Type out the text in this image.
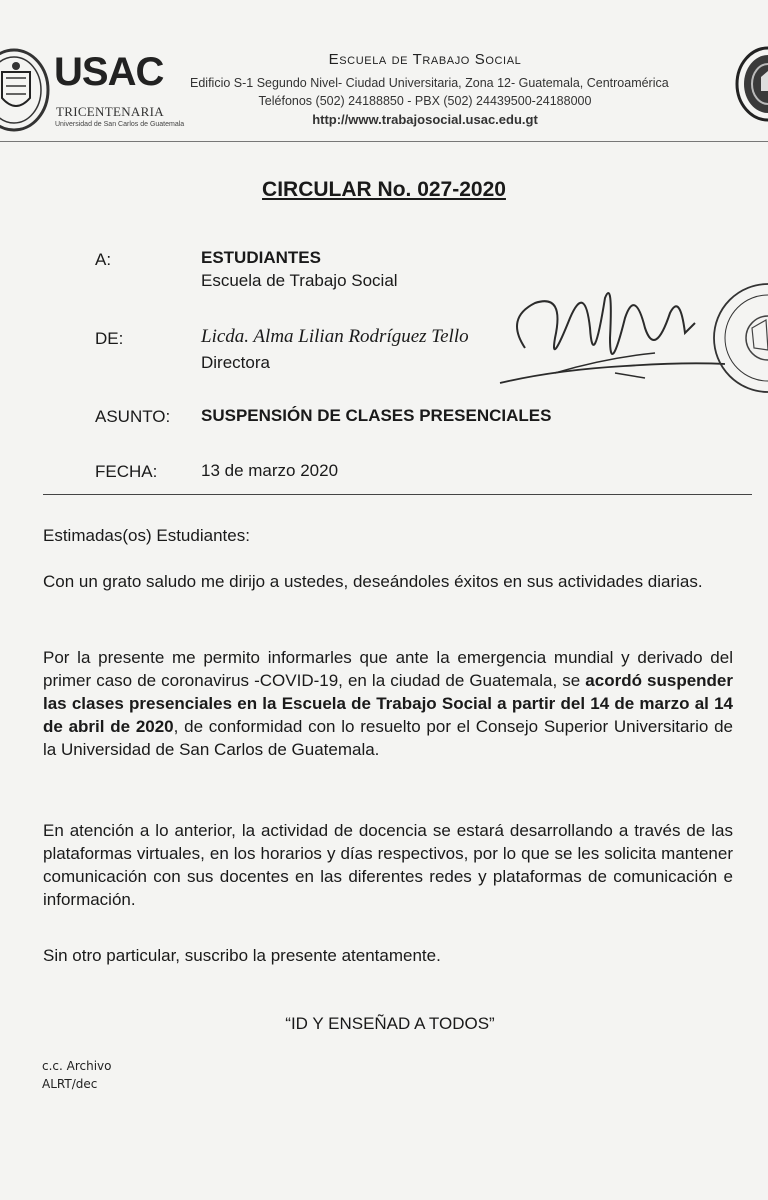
USAC
TRICENTENARIA
Universidad de San Carlos de Guatemala
Escuela de Trabajo Social
Edificio S-1 Segundo Nivel- Ciudad Universitaria, Zona 12- Guatemala, Centroamérica
Teléfonos (502) 24188850 - PBX (502) 24439500-24188000
http://www.trabajosocial.usac.edu.gt
CIRCULAR No. 027-2020
A:	ESTUDIANTES
Escuela de Trabajo Social
DE:	Licda. Alma Lilian Rodríguez Tello
Directora
ASUNTO: SUSPENSIÓN DE CLASES PRESENCIALES
FECHA:	13 de marzo 2020
Estimadas(os) Estudiantes:
Con un grato saludo me dirijo a ustedes, deseándoles éxitos en sus actividades diarias.
Por la presente me permito informarles que ante la emergencia mundial y derivado del primer caso de coronavirus -COVID-19, en la ciudad de Guatemala, se acordó suspender las clases presenciales en la Escuela de Trabajo Social a partir del 14 de marzo al 14 de abril de 2020, de conformidad con lo resuelto por el Consejo Superior Universitario de la Universidad de San Carlos de Guatemala.
En atención a lo anterior, la actividad de docencia se estará desarrollando a través de las plataformas virtuales, en los horarios y días respectivos, por lo que se les solicita mantener comunicación con sus docentes en las diferentes redes y plataformas de comunicación e información.
Sin otro particular, suscribo la presente atentamente.
“ID Y ENSEÑAD A TODOS”
c.c. Archivo
ALRT/dec
